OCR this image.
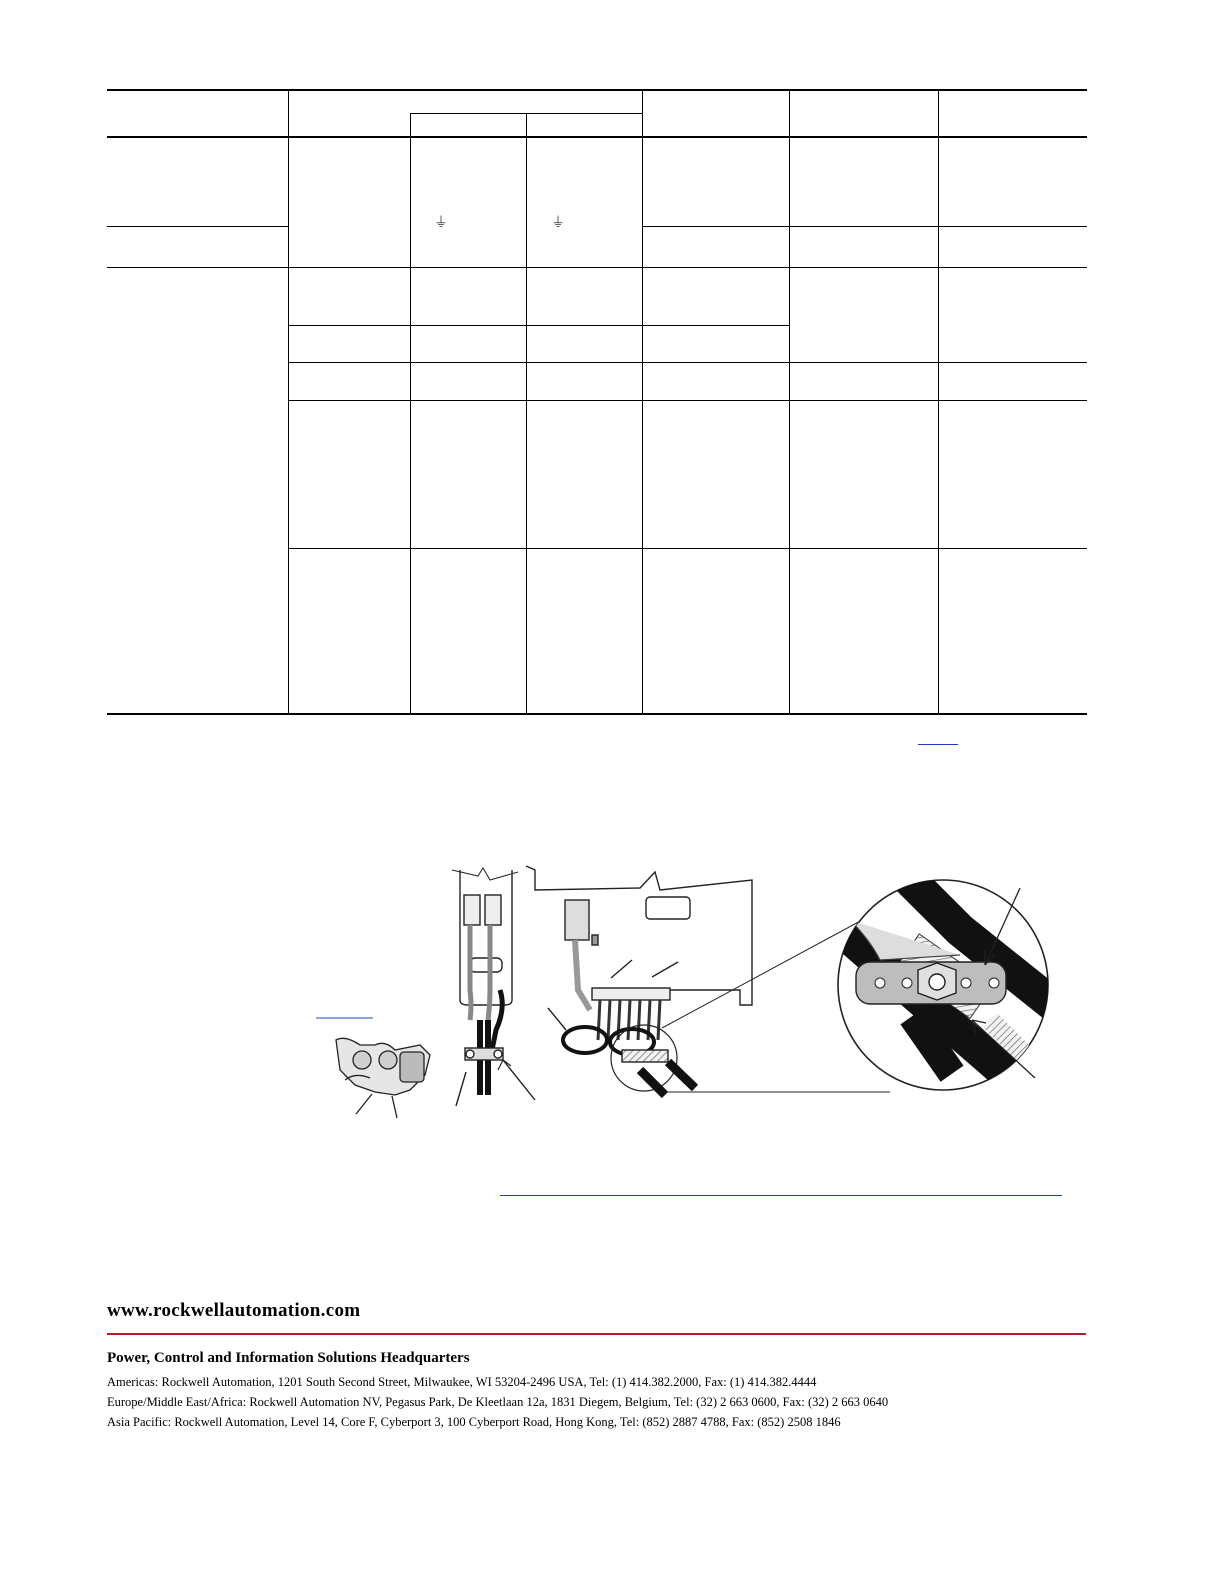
⏚	⏚
www.rockwellautomation.com
Power, Control and Information Solutions Headquarters
Americas: Rockwell Automation, 1201 South Second Street, Milwaukee, WI 53204-2496 USA, Tel: (1) 414.382.2000, Fax: (1) 414.382.4444
Europe/Middle East/Africa: Rockwell Automation NV, Pegasus Park, De Kleetlaan 12a, 1831 Diegem, Belgium, Tel: (32) 2 663 0600, Fax: (32) 2 663 0640
Asia Pacific: Rockwell Automation, Level 14, Core F, Cyberport 3, 100 Cyberport Road, Hong Kong, Tel: (852) 2887 4788, Fax: (852) 2508 1846
